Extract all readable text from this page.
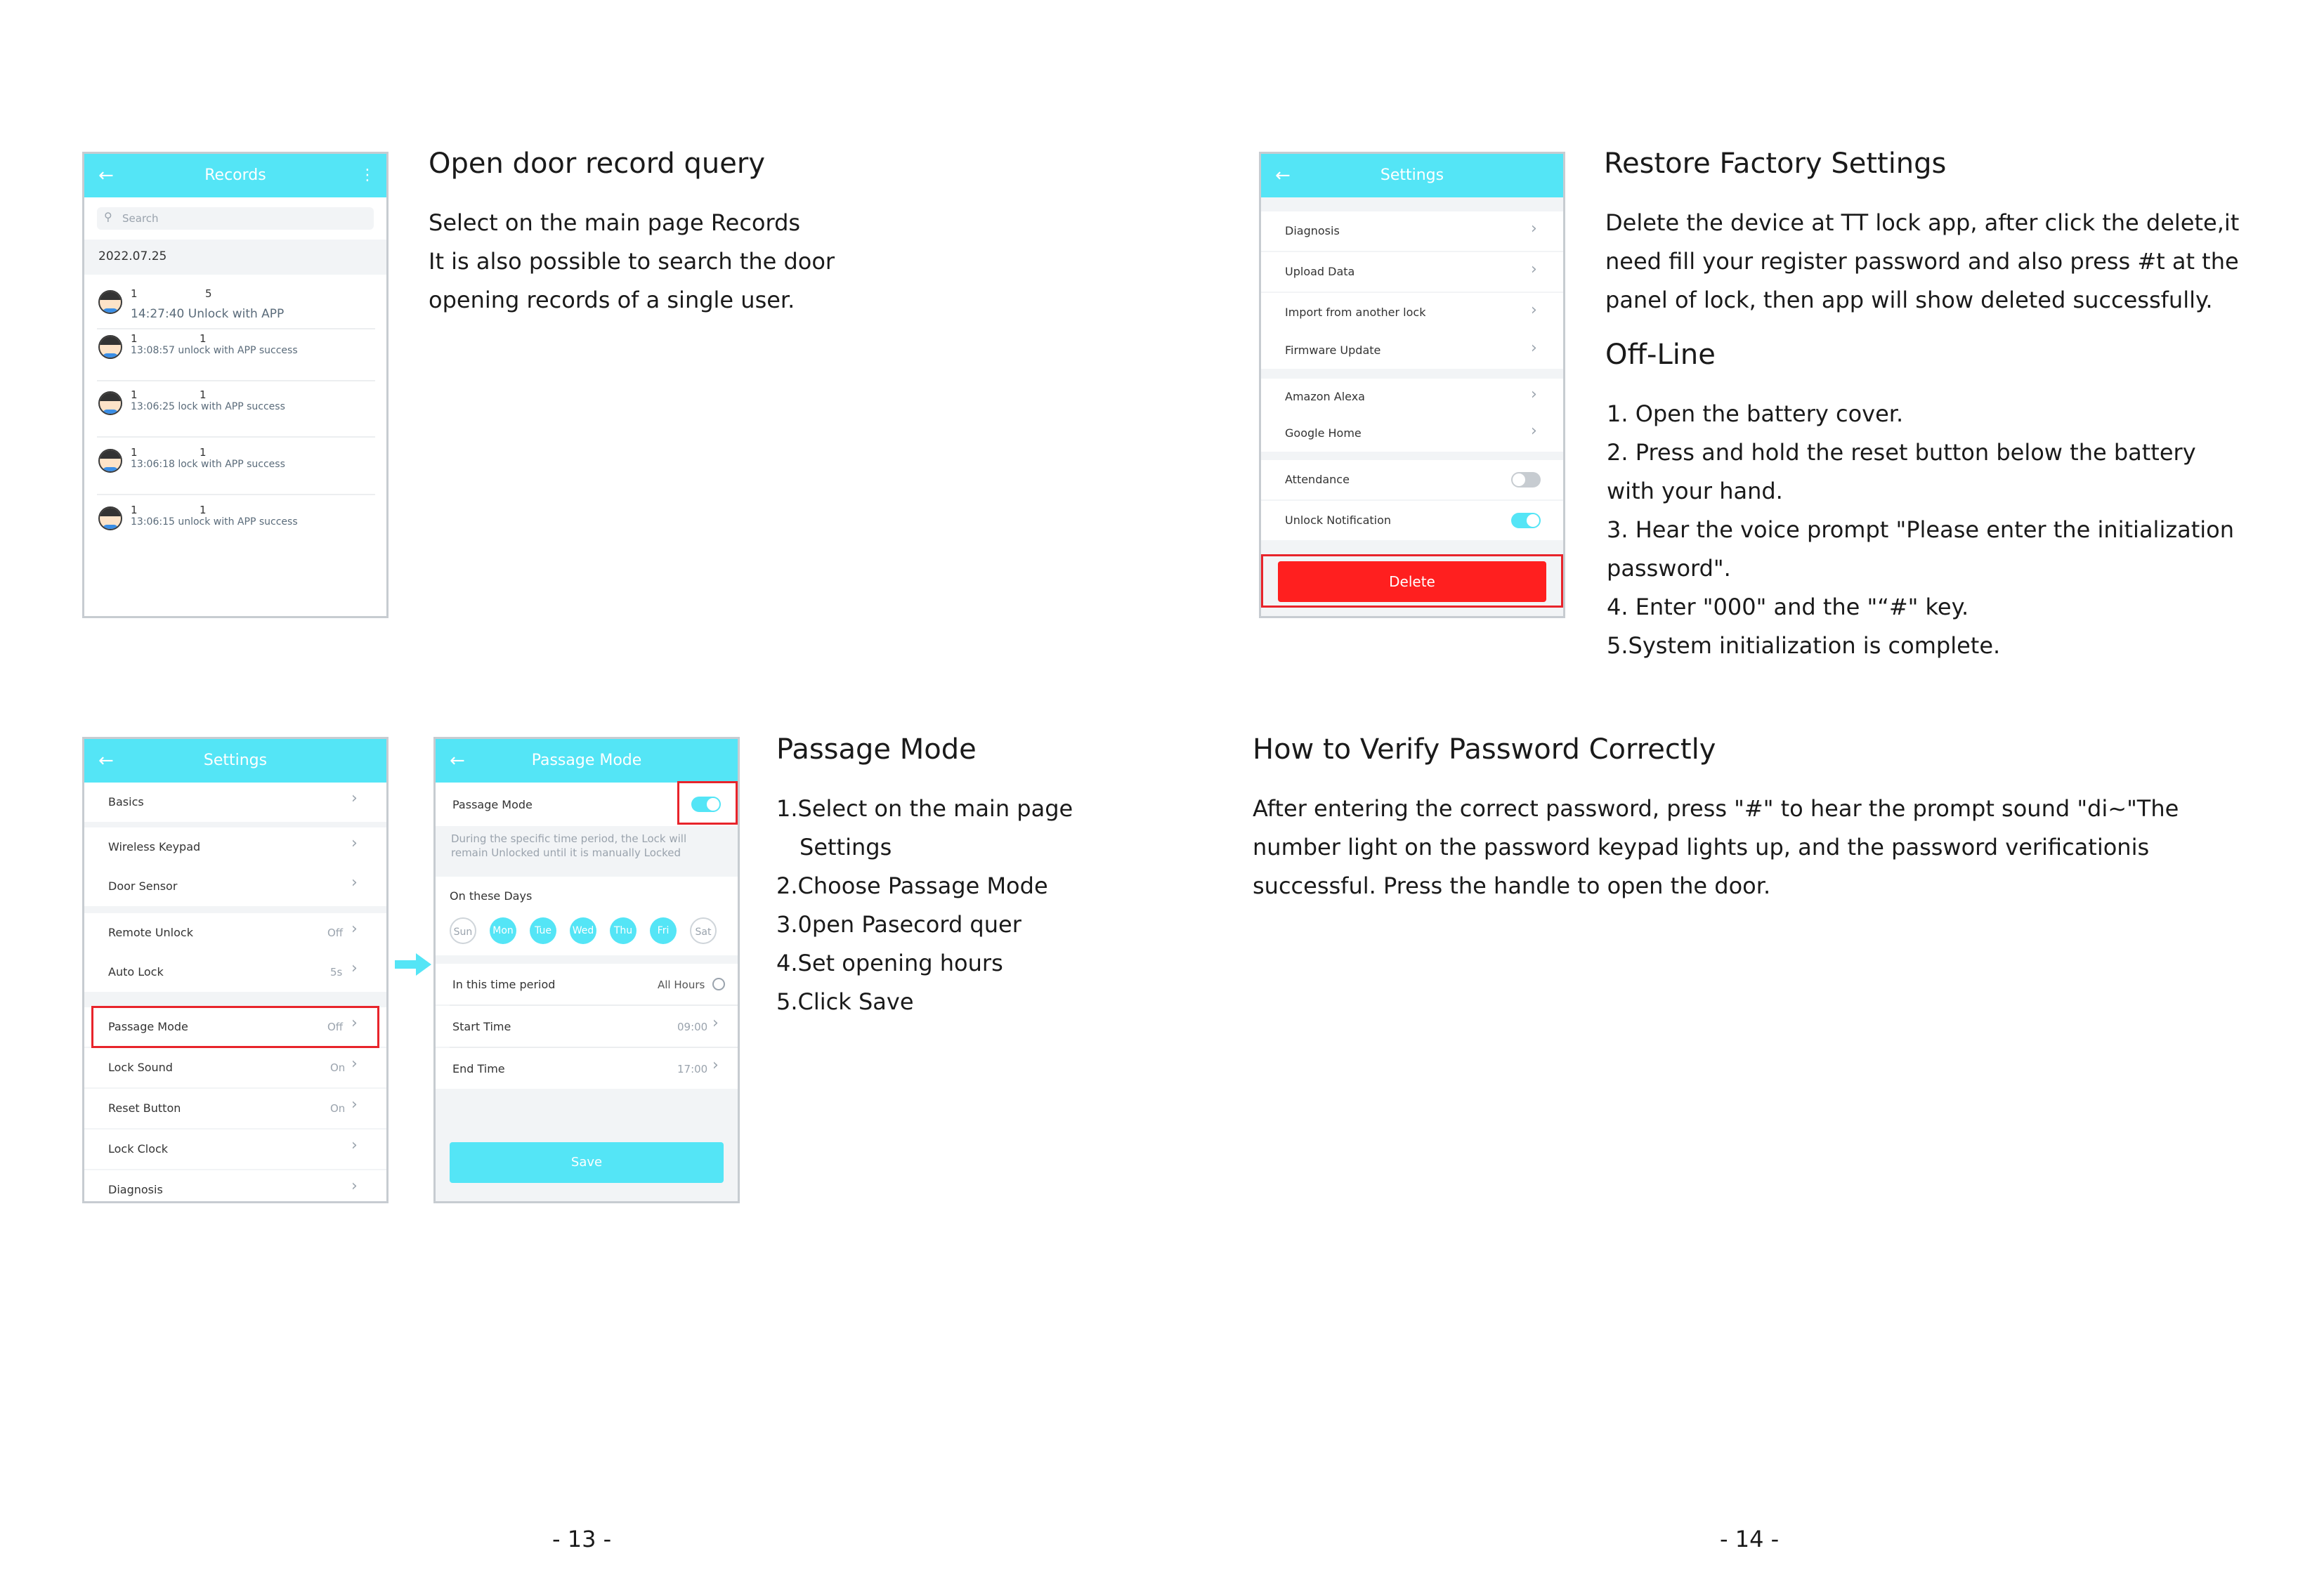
←	Records	⋮
⚲ Search
2022.07.25
1	5
14:27:40 Unlock with APP
1	1
13:08:57 unlock with APP success
1	1
13:06:25 lock with APP success
1	1
13:06:18 lock with APP success
1	1
13:06:15 unlock with APP success
←	Settings
Diagnosis	›
Upload Data	›
Import from another lock	›
Firmware Update	›
Amazon Alexa	›
Google Home	›
Attendance
Unlock Notification
Delete
←	Settings
Basics	›
Wireless Keypad	›
Door Sensor	›
Remote Unlock	Off ›
Auto Lock	5s ›
Passage Mode	Off ›
Lock Sound	On ›
Reset Button	On ›
Lock Clock	›
Diagnosis	›
←	Passage Mode
Passage Mode
During the specific time period, the Lock will
remain Unlocked until it is manually Locked
On these Days
Sun	Mon	Tue	Wed	Thu	Fri	Sat
In this time period	All Hours
Start Time	09:00 ›
End Time	17:00 ›
Save
Open door record query
Select on the main page Records
It is also possible to search the door
opening records of a single user.
Restore Factory Settings
Delete the device at TT lock app, after click the delete,it
need fill your register password and also press #t at the
panel of lock, then app will show deleted successfully.
Off-Line
1. Open the battery cover.
2. Press and hold the reset button below the battery
with your hand.
3. Hear the voice prompt "Please enter the initialization
password".
4. Enter "000" and the "“#" key.
5.System initialization is complete.
Passage Mode
1.Select on the main page
Settings
2.Choose Passage Mode
3.0pen Pasecord quer
4.Set opening hours
5.Click Save
How to Verify Password Correctly
After entering the correct password, press "#" to hear the prompt sound "di~"The
number light on the password keypad lights up, and the password verificationis
successful. Press the handle to open the door.
- 13 -	- 14 -
